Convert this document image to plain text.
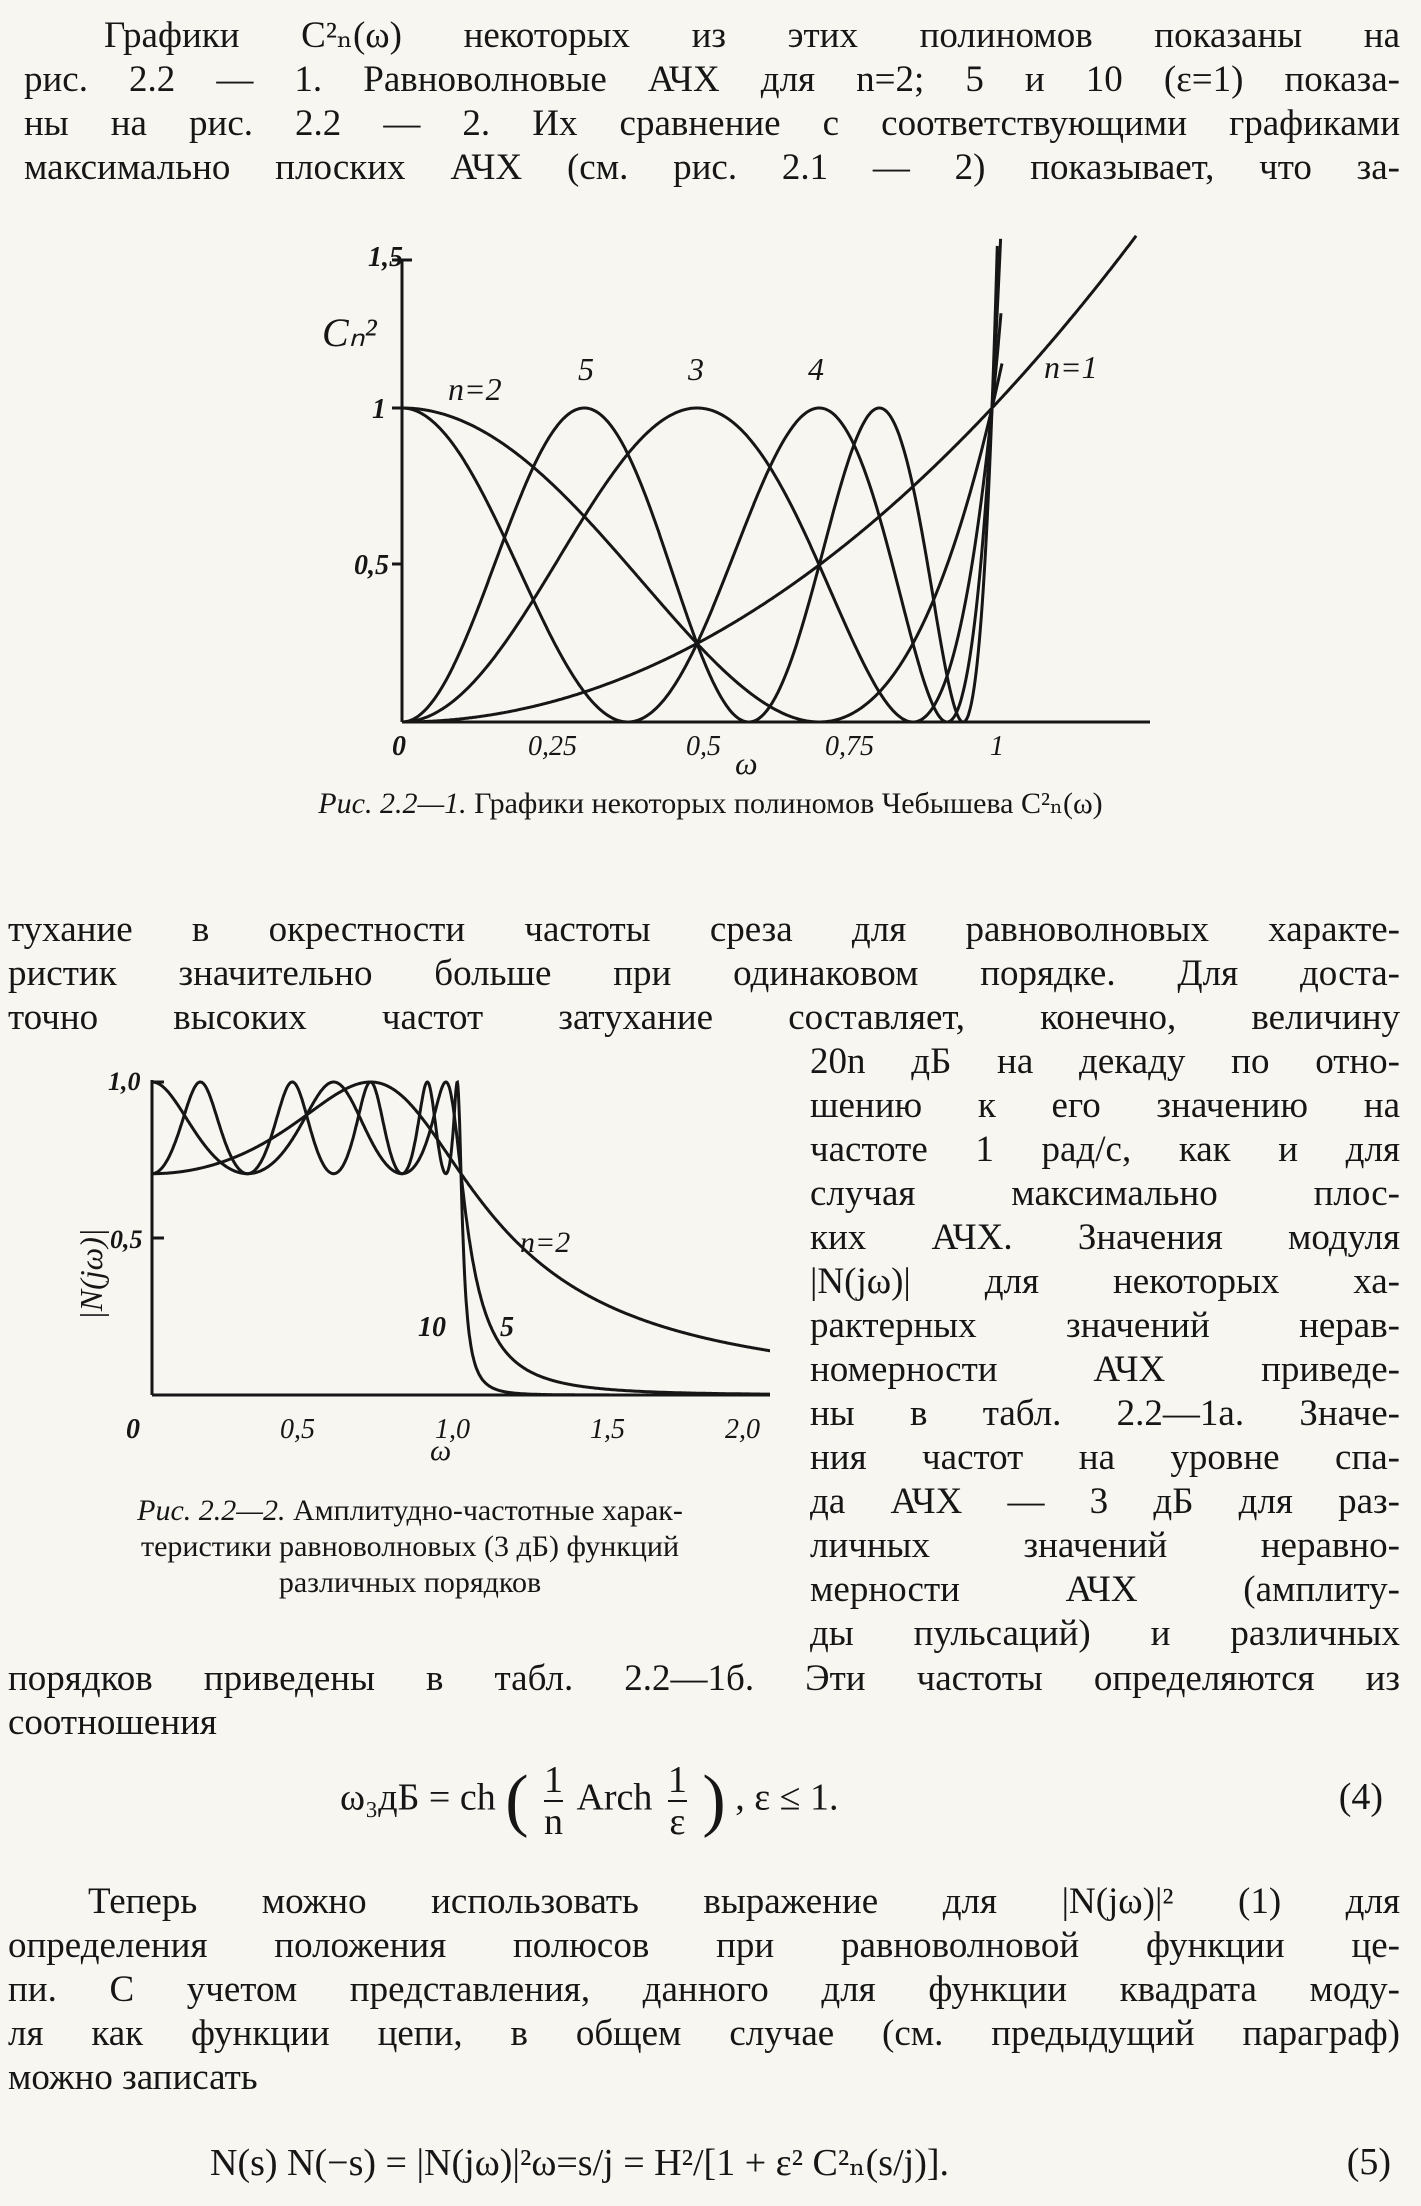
Графики C²ₙ(ω) некоторых из этих полиномов показаны на
рис. 2.2 — 1. Равноволновые АЧХ для n=2; 5 и 10 (ε=1) показа-
ны на рис. 2.2 — 2. Их сравнение с соответствующими графиками
максимально плоских АЧХ (см. рис. 2.1 — 2) показывает, что за-
1,5
1
0,5
Cₙ²
0	0,25	0,5	0,75	1
ω
n=2
5	3	4	n=1
Рис. 2.2—1. Графики некоторых полиномов Чебышева C²ₙ(ω)
тухание в окрестности частоты среза для равноволновых характе-
ристик значительно больше при одинаковом порядке. Для доста-
точно высоких частот затухание составляет, конечно, величину
20n дБ на декаду по отно-
шению к его значению на
частоте 1 рад/с, как и для
случая максимально плос-
ких АЧХ. Значения модуля
|N(jω)| для некоторых ха-
рактерных значений нерав-
номерности АЧХ приведе-
ны в табл. 2.2—1а. Значе-
ния частот на уровне спа-
да АЧХ — 3 дБ для раз-
личных значений неравно-
мерности АЧХ (амплиту-
ды пульсаций) и различных
1,0
0,5
|N(jω)|
0	0,5	1,0	1,5	2,0
ω
n=2
10 5
Рис. 2.2—2. Амплитудно-частотные харак-
теристики равноволновых (3 дБ) функций
различных порядков
порядков приведены в табл. 2.2—1б. Эти частоты определяются из
соотношения
ω₃дБ = ch ( $\frac{1}{n}$ Arch $\frac{1}{\varepsilon}$ ) , ε ≤ 1.	(4)
Теперь можно использовать выражение для |N(jω)|² (1) для
определения положения полюсов при равноволновой функции це-
пи. С учетом представления, данного для функции квадрата моду-
ля как функции цепи, в общем случае (см. предыдущий параграф)
можно записать
N(s) N(−s) = |N(jω)|²ω=s/j = H²/[1 + ε² C²ₙ(s/j)].	(5)
